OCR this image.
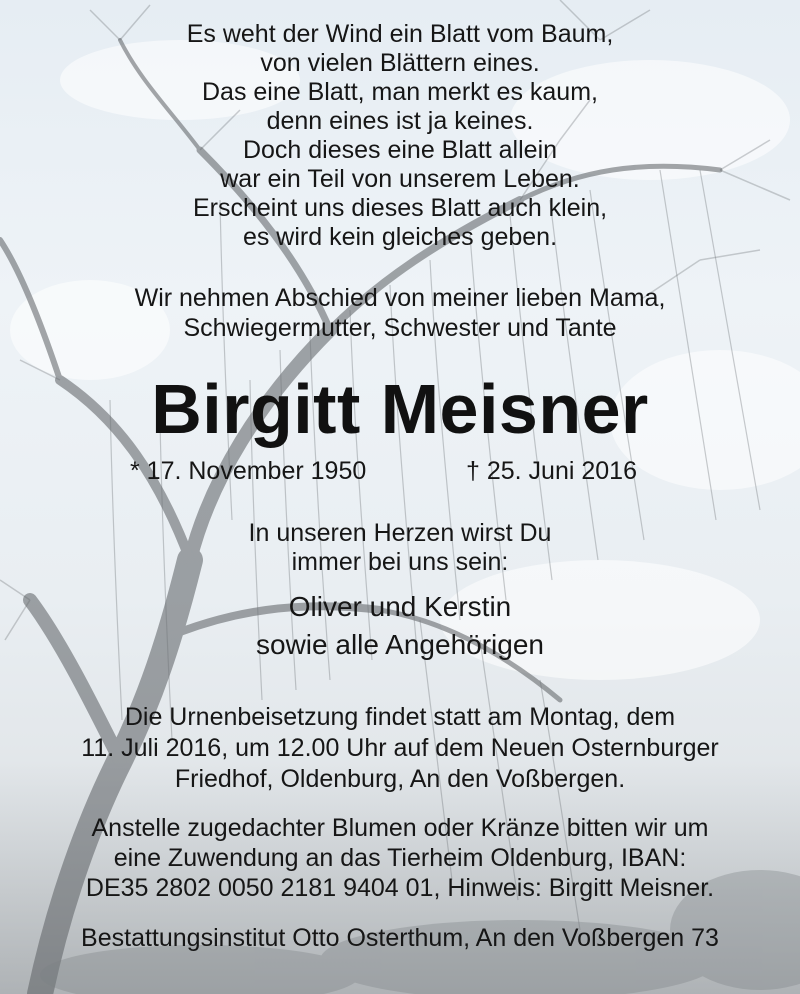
Es weht der Wind ein Blatt vom Baum,
von vielen Blättern eines.
Das eine Blatt, man merkt es kaum,
denn eines ist ja keines.
Doch dieses eine Blatt allein
war ein Teil von unserem Leben.
Erscheint uns dieses Blatt auch klein,
es wird kein gleiches geben.
Wir nehmen Abschied von meiner lieben Mama,
Schwiegermutter, Schwester und Tante
Birgitt Meisner
* 17. November 1950	† 25. Juni 2016
In unseren Herzen wirst Du
immer bei uns sein:
Oliver und Kerstin
sowie alle Angehörigen
Die Urnenbeisetzung findet statt am Montag, dem
11. Juli 2016, um 12.00 Uhr auf dem Neuen Osternburger
Friedhof, Oldenburg, An den Voßbergen.
Anstelle zugedachter Blumen oder Kränze bitten wir um
eine Zuwendung an das Tierheim Oldenburg, IBAN:
DE35 2802 0050 2181 9404 01, Hinweis: Birgitt Meisner.
Bestattungsinstitut Otto Osterthum, An den Voßbergen 73
